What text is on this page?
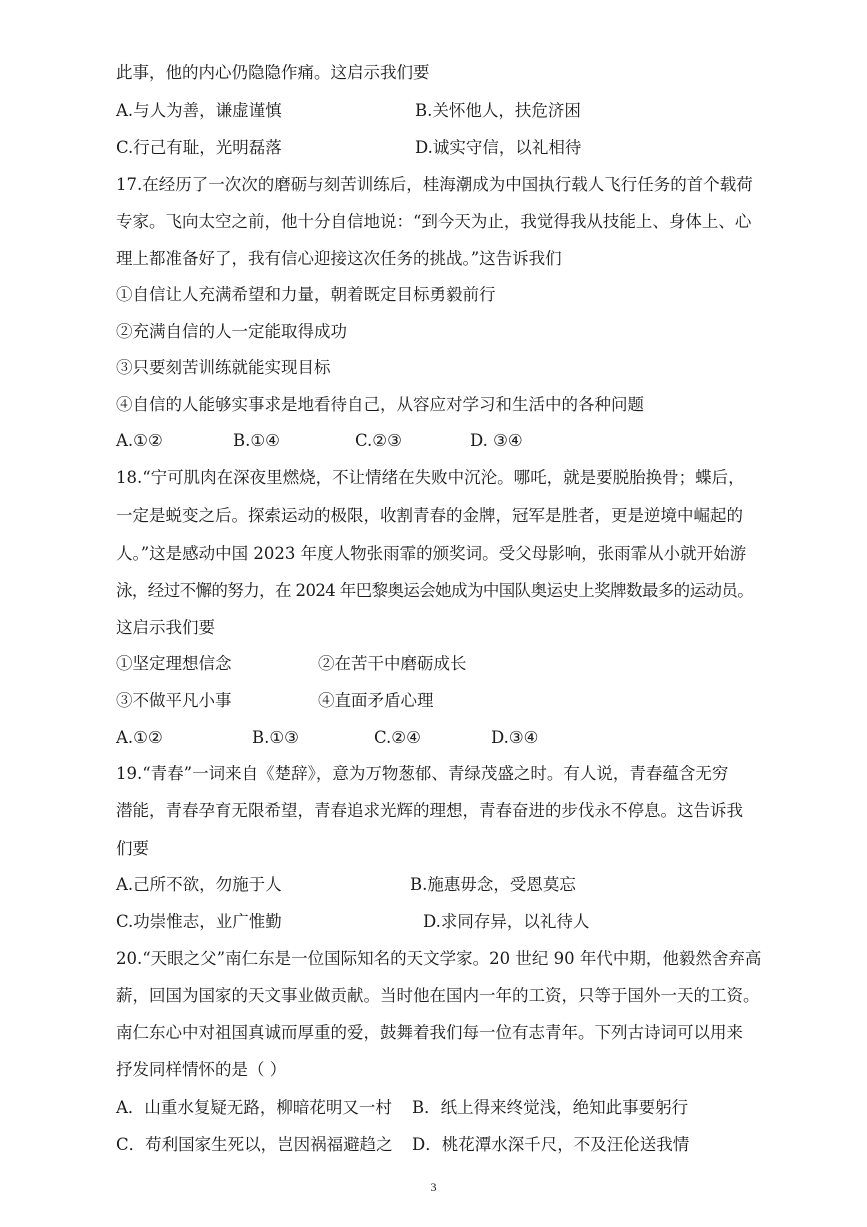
此事，他的内心仍隐隐作痛。这启示我们要
A.与人为善，谦虚谨慎	B.关怀他人，扶危济困
C.行己有耻，光明磊落	D.诚实守信，以礼相待
17.在经历了一次次的磨砺与刻苦训练后，桂海潮成为中国执行载人飞行任务的首个载荷
专家。飞向太空之前，他十分自信地说：“到今天为止，我觉得我从技能上、身体上、心
理上都准备好了，我有信心迎接这次任务的挑战。”这告诉我们
①自信让人充满希望和力量，朝着既定目标勇毅前行
②充满自信的人一定能取得成功
③只要刻苦训练就能实现目标
④自信的人能够实事求是地看待自己，从容应对学习和生活中的各种问题
A.①②	B.①④	C.②③	D. ③④
18.“宁可肌肉在深夜里燃烧，不让情绪在失败中沉沦。哪吒，就是要脱胎换骨；蝶后，
一定是蜕变之后。探索运动的极限，收割青春的金牌，冠军是胜者，更是逆境中崛起的
人。”这是感动中国 2023 年度人物张雨霏的颁奖词。受父母影响，张雨霏从小就开始游
泳，经过不懈的努力，在 2024 年巴黎奥运会她成为中国队奥运史上奖牌数最多的运动员。
这启示我们要
①坚定理想信念	②在苦干中磨砺成长
③不做平凡小事	④直面矛盾心理
A.①②	B.①③	C.②④	D.③④
19.“青春”一词来自《楚辞》，意为万物葱郁、青绿茂盛之时。有人说，青春蕴含无穷
潜能，青春孕育无限希望，青春追求光辉的理想，青春奋进的步伐永不停息。这告诉我
们要
A.己所不欲，勿施于人	B.施惠毋念，受恩莫忘
C.功崇惟志，业广惟勤	D.求同存异，以礼待人
20.“天眼之父”南仁东是一位国际知名的天文学家。20 世纪 90 年代中期，他毅然舍弃高
薪，回国为国家的天文事业做贡献。当时他在国内一年的工资，只等于国外一天的工资。
南仁东心中对祖国真诚而厚重的爱，鼓舞着我们每一位有志青年。下列古诗词可以用来
抒发同样情怀的是（ ）
A．山重水复疑无路，柳暗花明又一村 B．纸上得来终觉浅，绝知此事要躬行
C．苟利国家生死以，岂因祸福避趋之 D．桃花潭水深千尺，不及汪伦送我情
3
